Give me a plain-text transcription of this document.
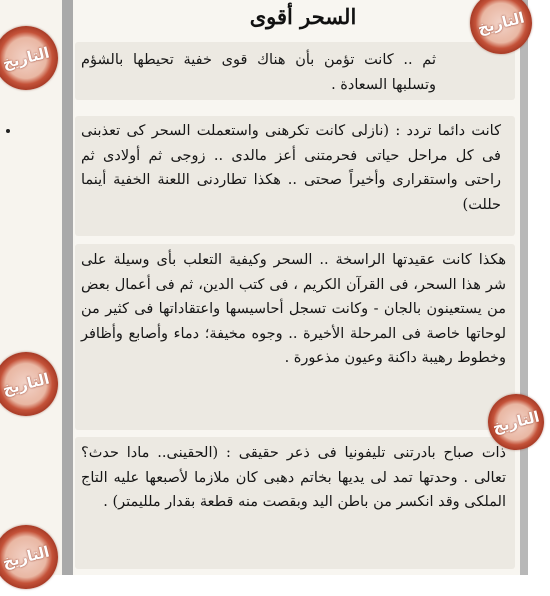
السحر أقوى
ثم .. كانت تؤمن بأن هناك قوى خفية تحيطها بالشؤم وتسلبها السعادة .
كانت دائما تردد : (نازلى كانت تكرهنى واستعملت السحر كى تعذبنى فى كل مراحل حياتى فحرمتنى أعز مالدى .. زوجى ثم أولادى ثم راحتى واستقرارى وأخيراً صحتى .. هكذا تطاردنى اللعنة الخفية أينما حللت)
هكذا كانت عقيدتها الراسخة .. السحر وكيفية التعلب بأى وسيلة على شر هذا السحر، فى القرآن الكريم ، فى كتب الدين، ثم فى أعمال بعض من يستعينون بالجان - وكانت تسجل أحاسيسها واعتقاداتها فى كثير من لوحاتها خاصة فى المرحلة الأخيرة .. وجوه مخيفة؛ دماء وأصابع وأظافر وخطوط رهيبة داكنة وعيون مذعورة .
ذات صباح بادرتنى تليفونيا فى ذعر حقيقى : (الحقينى.. مادا حدث؟ تعالى . وحدتها تمد لى يديها بخاتم دهبى كان ملازما لأصبعها عليه التاج الملكى وقد انكسر من باطن اليد وبقصت منه قطعة بقدار ملليمتر) .
التاريخ
التاريخ
التاريخ
التاريخ
التاريخ
